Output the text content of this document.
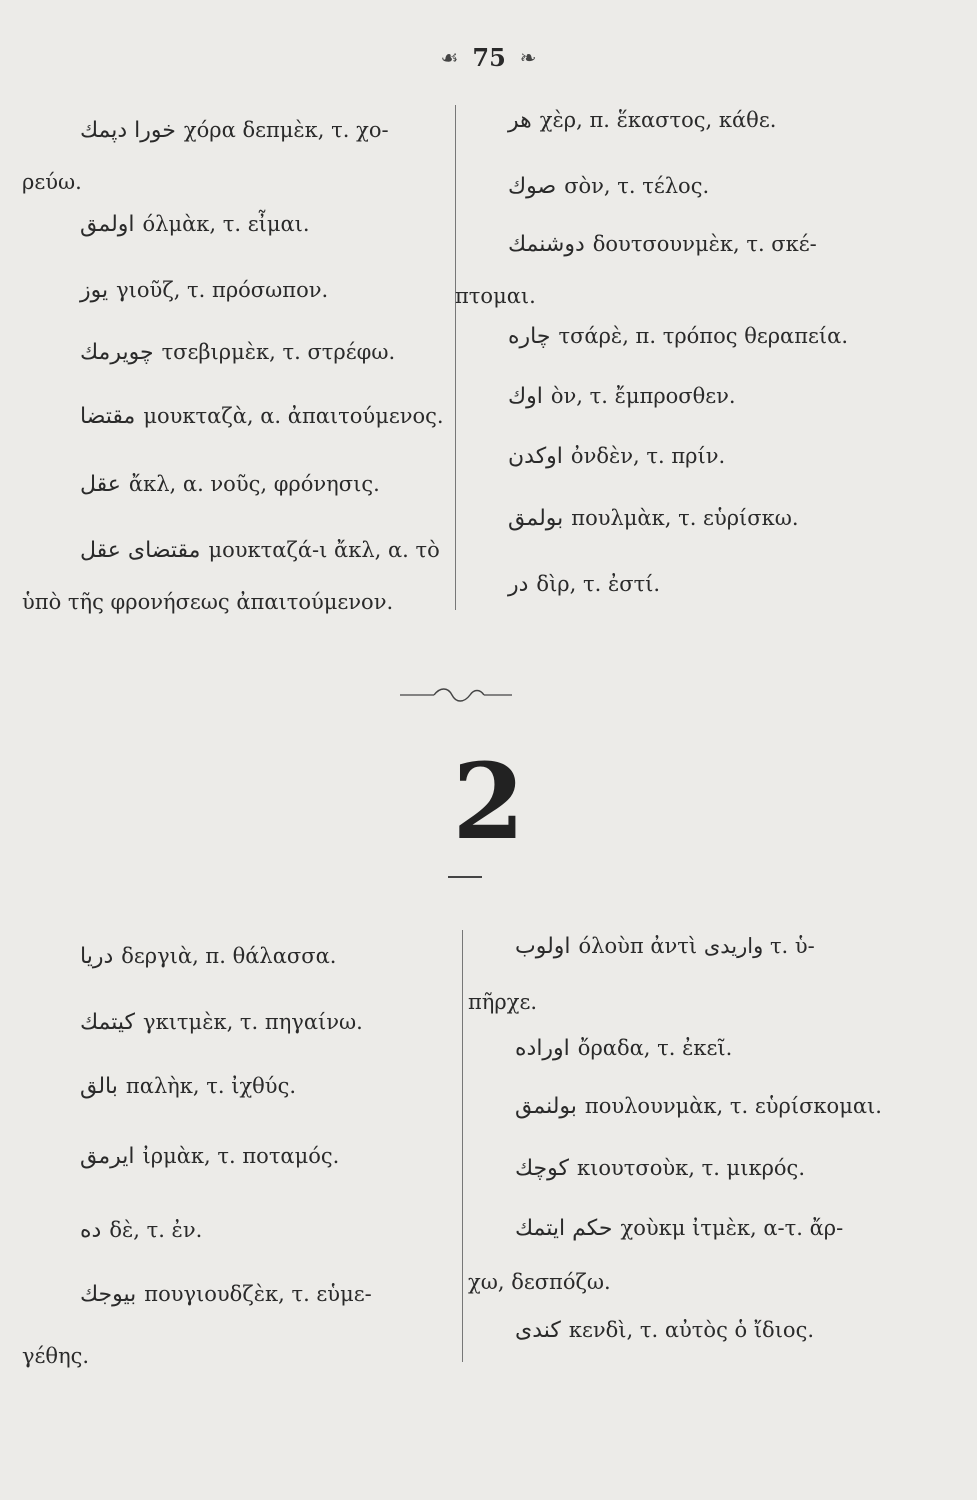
☙ 75 ❧
خورا دپمك χόρα δεπμὲκ, τ. χο-
ρεύω.
اولمق όλμὰκ, τ. εἶμαι.
يوز γιοῦζ, τ. πρόσωπον.
چويرمك τσεβιρμὲκ, τ. στρέφω.
مقتضا μουκταζὰ, α. ἀπαιτούμενος.
عقل ἄκλ, α. νοῦς, φρόνησις.
مقتضای عقل μουκταζά-ι ἄκλ, α. τὸ
ὑπὸ τῆς φρονήσεως ἀπαιτούμενον.
هر χὲρ, π. ἕκαστος, κάθε.
صوك σὸν, τ. τέλος.
دوشنمك δουτσουνμὲκ, τ. σκέ-
πτομαι.
چاره τσάρὲ, π. τρόπος θεραπεία.
اوك ὸν, τ. ἔμπροσθεν.
اوكدن ὀνδὲν, τ. πρίν.
بولمق πουλμὰκ, τ. εὑρίσκω.
در δὶρ, τ. ἐστί.
2
دريا δεργιὰ, π. θάλασσα.
كيتمك γκιτμὲκ, τ. πηγαίνω.
بالق παλὴκ, τ. ἰχθύς.
ايرمق ἰρμὰκ, τ. ποταμός.
ده δὲ, τ. ἐν.
بيوجك πουγιουδζὲκ, τ. εὑμε-
γέθης.
اولوب όλοὺπ ἀντὶ واريدى τ. ὑ-
πῆρχε.
اوراده ὄραδα, τ. ἐκεῖ.
بولنمق πουλουνμὰκ, τ. εὑρίσκομαι.
كوچك κιουτσοὺκ, τ. μικρός.
حكم ايتمك χοὺκμ ἰτμὲκ, α-τ. ἄρ-
χω, δεσπόζω.
كندى κενδὶ, τ. αὐτὸς ὁ ἴδιος.
